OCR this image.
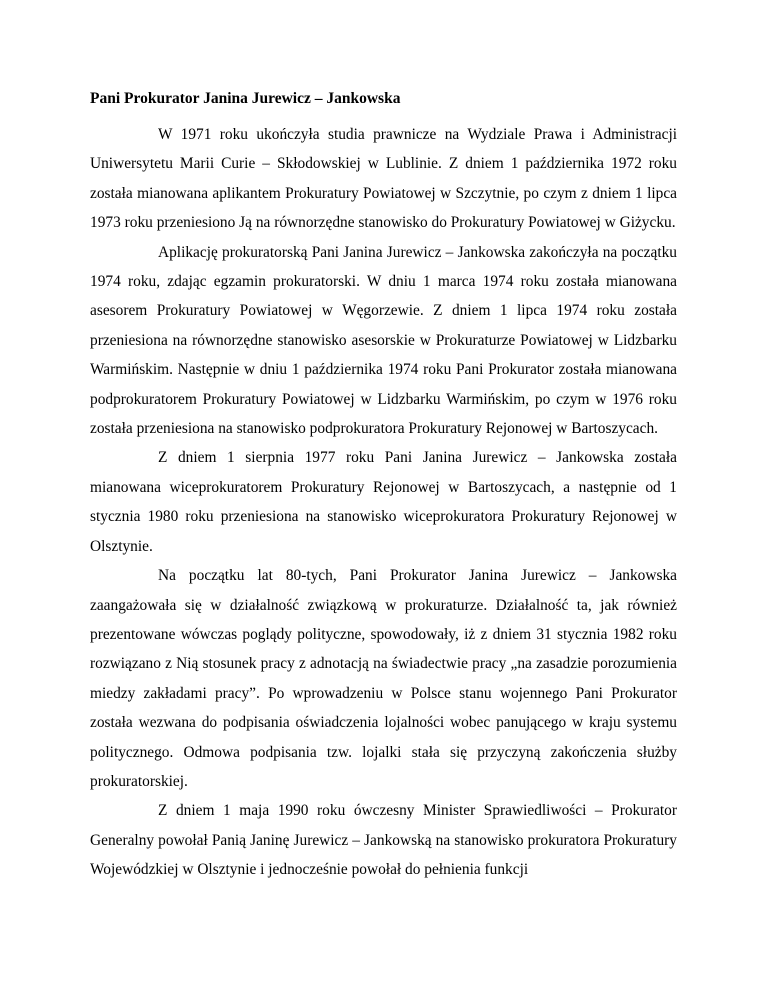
Pani Prokurator Janina Jurewicz – Jankowska

W 1971 roku ukończyła studia prawnicze na Wydziale Prawa i Administracji Uniwersytetu Marii Curie – Skłodowskiej w Lublinie. Z dniem 1 października 1972 roku została mianowana aplikantem Prokuratury Powiatowej w Szczytnie, po czym z dniem 1 lipca 1973 roku przeniesiono Ją na równorzędne stanowisko do Prokuratury Powiatowej w Giżycku.

Aplikację prokuratorską Pani Janina Jurewicz – Jankowska zakończyła na początku 1974 roku, zdając egzamin prokuratorski. W dniu 1 marca 1974 roku została mianowana asesorem Prokuratury Powiatowej w Węgorzewie. Z dniem 1 lipca 1974 roku została przeniesiona na równorzędne stanowisko asesorskie w Prokuraturze Powiatowej w Lidzbarku Warmińskim. Następnie w dniu 1 października 1974 roku Pani Prokurator została mianowana podprokuratorem Prokuratury Powiatowej w Lidzbarku Warmińskim, po czym w 1976 roku została przeniesiona na stanowisko podprokuratora Prokuratury Rejonowej w Bartoszycach.

Z dniem 1 sierpnia 1977 roku Pani Janina Jurewicz – Jankowska została mianowana wiceprokuratorem Prokuratury Rejonowej w Bartoszycach, a następnie od 1 stycznia 1980 roku przeniesiona na stanowisko wiceprokuratora Prokuratury Rejonowej w Olsztynie.

Na początku lat 80-tych, Pani Prokurator Janina Jurewicz – Jankowska zaangażowała się w działalność związkową w prokuraturze. Działalność ta, jak również prezentowane wówczas poglądy polityczne, spowodowały, iż z dniem 31 stycznia 1982 roku rozwiązano z Nią stosunek pracy z adnotacją na świadectwie pracy „na zasadzie porozumienia miedzy zakładami pracy”. Po wprowadzeniu w Polsce stanu wojennego Pani Prokurator została wezwana do podpisania oświadczenia lojalności wobec panującego w kraju systemu politycznego. Odmowa podpisania tzw. lojalki stała się przyczyną zakończenia służby prokuratorskiej.

Z dniem 1 maja 1990 roku ówczesny Minister Sprawiedliwości – Prokurator Generalny powołał Panią Janinę Jurewicz – Jankowską na stanowisko prokuratora Prokuratury Wojewódzkiej w Olsztynie i jednocześnie powołał do pełnienia funkcji
